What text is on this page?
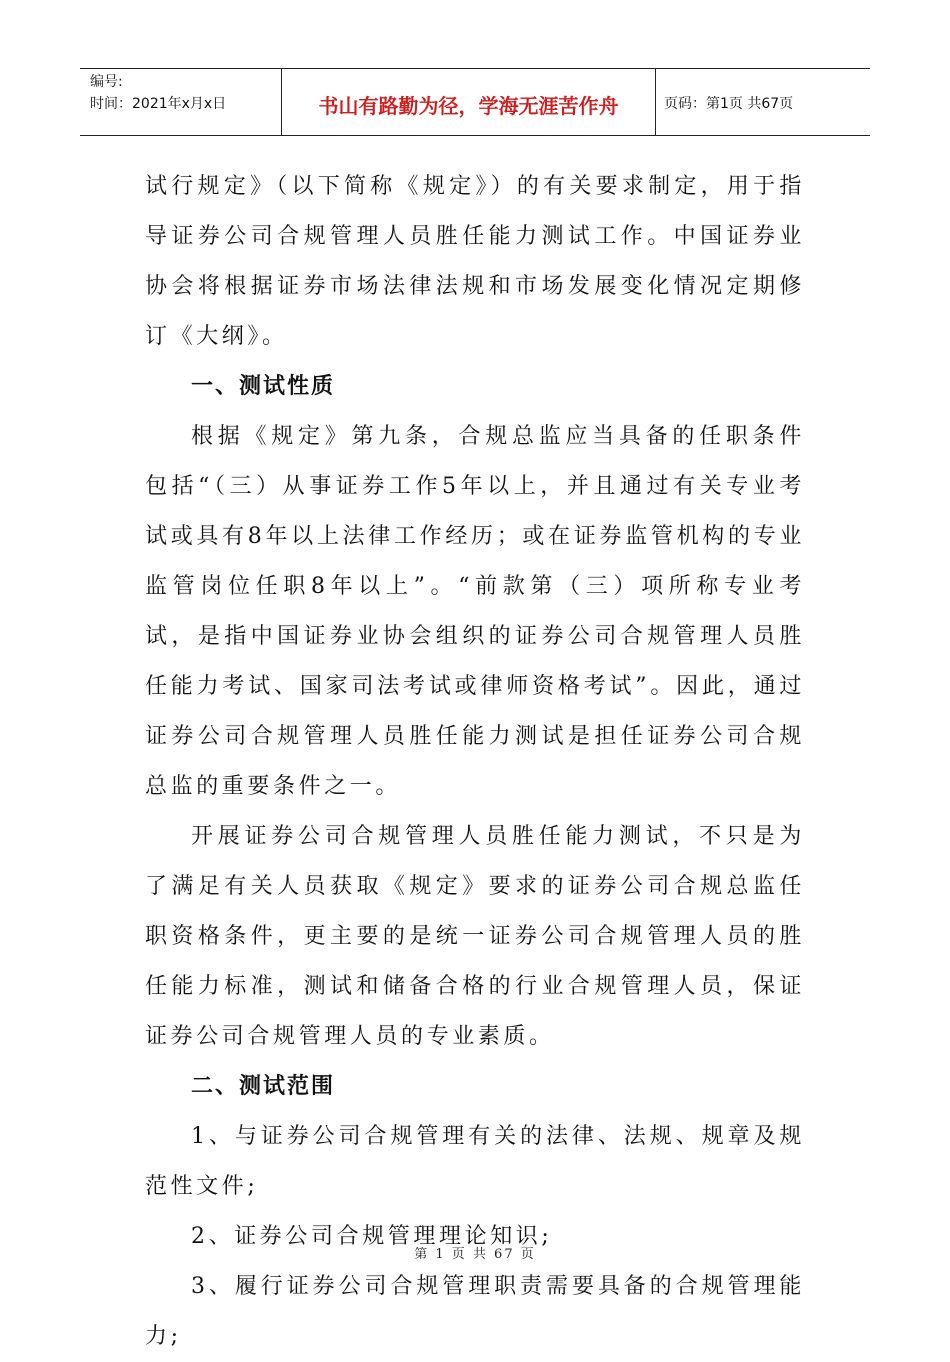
编号:
时间：2021年x月x日	书山有路勤为径，学海无涯苦作舟	页码：第1页 共67页

试行规定》（以下简称《规定》）的有关要求制定，用于指导证券公司合规管理人员胜任能力测试工作。中国证券业协会将根据证券市场法律法规和市场发展变化情况定期修订《大纲》。

一、测试性质

根据《规定》第九条，合规总监应当具备的任职条件包括“（三）从事证券工作5年以上，并且通过有关专业考试或具有8年以上法律工作经历；或在证券监管机构的专业监管岗位任职8年以上”。“前款第（三）项所称专业考试，是指中国证券业协会组织的证券公司合规管理人员胜任能力考试、国家司法考试或律师资格考试”。因此，通过证券公司合规管理人员胜任能力测试是担任证券公司合规总监的重要条件之一。

开展证券公司合规管理人员胜任能力测试，不只是为了满足有关人员获取《规定》要求的证券公司合规总监任职资格条件，更主要的是统一证券公司合规管理人员的胜任能力标准，测试和储备合格的行业合规管理人员，保证证券公司合规管理人员的专业素质。

二、测试范围

1、与证券公司合规管理有关的法律、法规、规章及规范性文件;

2、证券公司合规管理理论知识;

3、履行证券公司合规管理职责需要具备的合规管理能力;

第 1 页 共 67 页
